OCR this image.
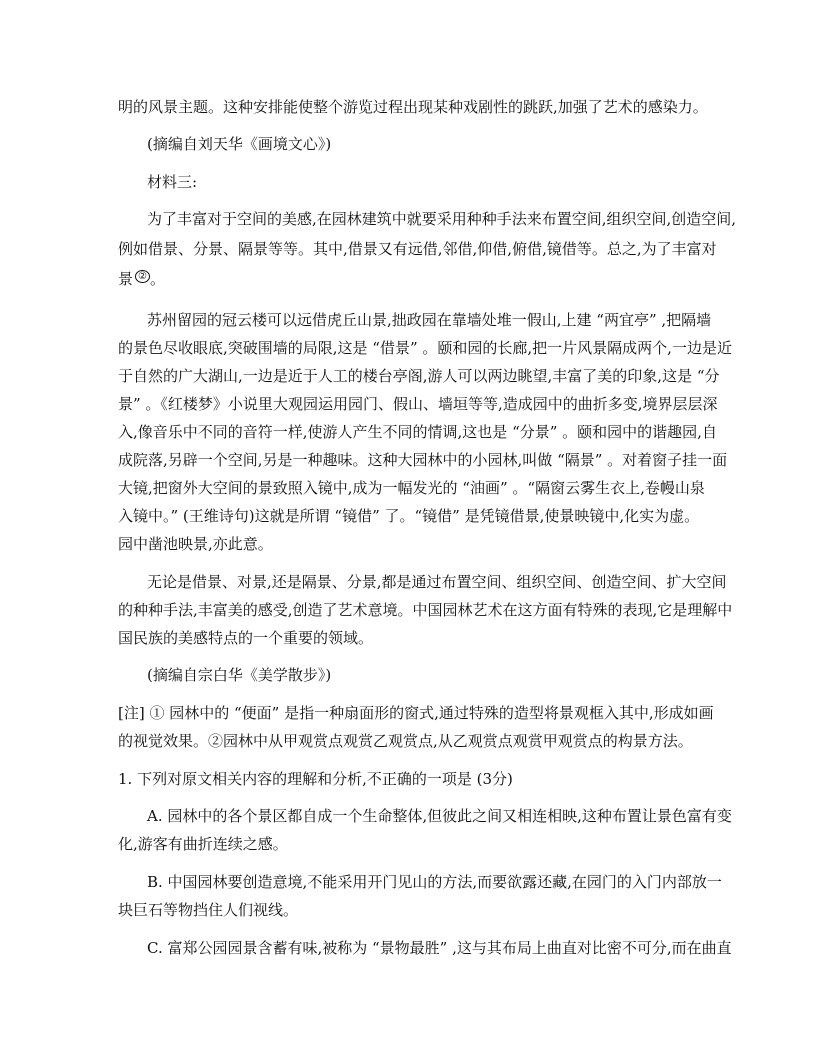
明的风景主题。这种安排能使整个游览过程出现某种戏剧性的跳跃,加强了艺术的感染力。
(摘编自刘天华《画境文心》)
材料三:
为了丰富对于空间的美感,在园林建筑中就要采用种种手法来布置空间,组织空间,创造空间,
例如借景、分景、隔景等等。其中,借景又有远借,邻借,仰借,俯借,镜借等。总之,为了丰富对
景 ② 。
苏州留园的冠云楼可以远借虎丘山景,拙政园在靠墙处堆一假山,上建 “两宜亭” ,把隔墙
的景色尽收眼底,突破围墙的局限,这是 “借景” 。颐和园的长廊,把一片风景隔成两个,一边是近
于自然的广大湖山,一边是近于人工的楼台亭阁,游人可以两边眺望,丰富了美的印象,这是 “分
景” 。《红楼梦》小说里大观园运用园门、假山、墙垣等等,造成园中的曲折多变,境界层层深
入,像音乐中不同的音符一样,使游人产生不同的情调,这也是 “分景” 。颐和园中的谐趣园,自
成院落,另辟一个空间,另是一种趣味。这种大园林中的小园林,叫做 “隔景” 。对着窗子挂一面
大镜,把窗外大空间的景致照入镜中,成为一幅发光的 “油画” 。“隔窗云雾生衣上,卷幔山泉
入镜中。” (王维诗句)这就是所谓 “镜借” 了。“镜借” 是凭镜借景,使景映镜中,化实为虚。
园中凿池映景,亦此意。
无论是借景、对景,还是隔景、分景,都是通过布置空间、组织空间、创造空间、扩大空间
的种种手法,丰富美的感受,创造了艺术意境。中国园林艺术在这方面有特殊的表现,它是理解中
国民族的美感特点的一个重要的领域。
(摘编自宗白华《美学散步》)
[注] ① 园林中的 “便面” 是指一种扇面形的窗式,通过特殊的造型将景观框入其中,形成如画
的视觉效果。②园林中从甲观赏点观赏乙观赏点,从乙观赏点观赏甲观赏点的构景方法。
1. 下列对原文相关内容的理解和分析,不正确的一项是 (3分)
A. 园林中的各个景区都自成一个生命整体,但彼此之间又相连相映,这种布置让景色富有变
化,游客有曲折连续之感。
B. 中国园林要创造意境,不能采用开门见山的方法,而要欲露还藏,在园门的入门内部放一
块巨石等物挡住人们视线。
C. 富郑公园园景含蓄有味,被称为 “景物最胜” ,这与其布局上曲直对比密不可分,而在曲直
